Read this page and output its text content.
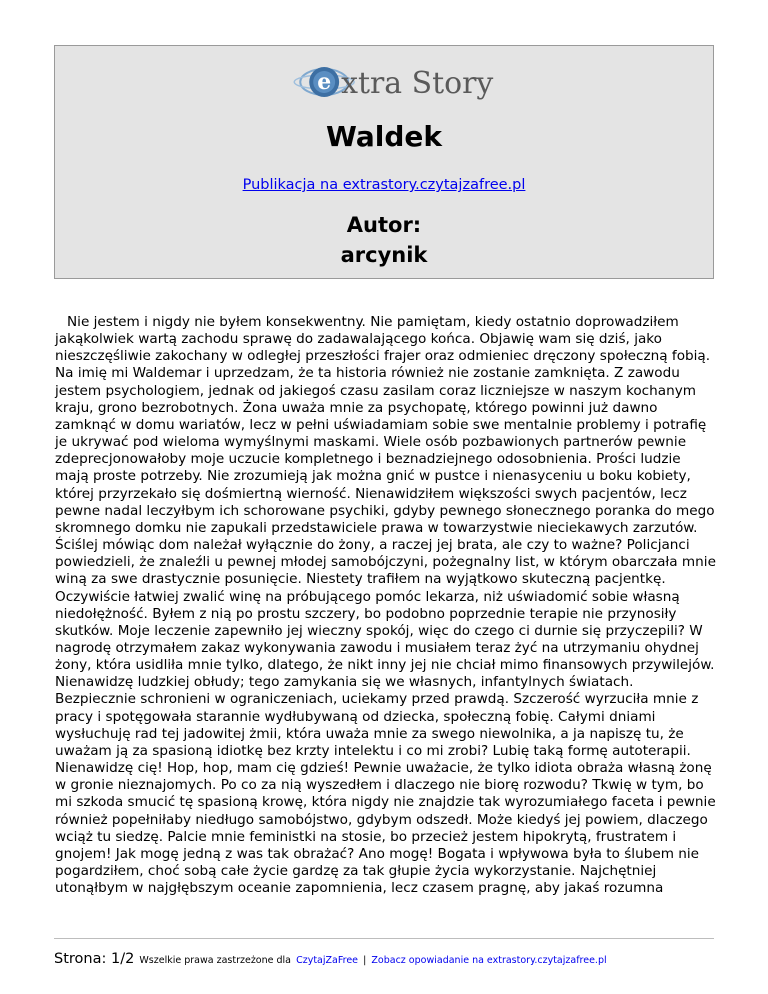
e xtra Story
Waldek
Publikacja na extrastory.czytajzafree.pl
Autor:
arcynik

Nie jestem i nigdy nie byłem konsekwentny. Nie pamiętam, kiedy ostatnio doprowadziłem jakąkolwiek wartą zachodu sprawę do zadawalającego końca. Objawię wam się dziś, jako nieszczęśliwie zakochany w odległej przeszłości frajer oraz odmieniec dręczony społeczną fobią. Na imię mi Waldemar i uprzedzam, że ta historia również nie zostanie zamknięta. Z zawodu jestem psychologiem, jednak od jakiegoś czasu zasilam coraz liczniejsze w naszym kochanym kraju, grono bezrobotnych. Żona uważa mnie za psychopatę, którego powinni już dawno zamknąć w domu wariatów, lecz w pełni uświadamiam sobie swe mentalnie problemy i potrafię je ukrywać pod wieloma wymyślnymi maskami. Wiele osób pozbawionych partnerów pewnie zdeprecjonowałoby moje uczucie kompletnego i beznadziejnego odosobnienia. Prości ludzie mają proste potrzeby. Nie zrozumieją jak można gnić w pustce i nienasyceniu u boku kobiety, której przyrzekało się dośmiertną wierność. Nienawidziłem większości swych pacjentów, lecz pewne nadal leczyłbym ich schorowane psychiki, gdyby pewnego słonecznego poranka do mego skromnego domku nie zapukali przedstawiciele prawa w towarzystwie nieciekawych zarzutów. Ściślej mówiąc dom należał wyłącznie do żony, a raczej jej brata, ale czy to ważne? Policjanci powiedzieli, że znaleźli u pewnej młodej samobójczyni, pożegnalny list, w którym obarczała mnie winą za swe drastycznie posunięcie. Niestety trafiłem na wyjątkowo skuteczną pacjentkę. Oczywiście łatwiej zwalić winę na próbującego pomóc lekarza, niż uświadomić sobie własną niedołężność. Byłem z nią po prostu szczery, bo podobno poprzednie terapie nie przynosiły skutków. Moje leczenie zapewniło jej wieczny spokój, więc do czego ci durnie się przyczepili? W nagrodę otrzymałem zakaz wykonywania zawodu i musiałem teraz żyć na utrzymaniu ohydnej żony, która usidliła mnie tylko, dlatego, że nikt inny jej nie chciał mimo finansowych przywilejów. Nienawidzę ludzkiej obłudy; tego zamykania się we własnych, infantylnych światach. Bezpiecznie schronieni w ograniczeniach, uciekamy przed prawdą. Szczerość wyrzuciła mnie z pracy i spotęgowała starannie wydłubywaną od dziecka, społeczną fobię. Całymi dniami wysłuchuję rad tej jadowitej żmii, która uważa mnie za swego niewolnika, a ja napiszę tu, że uważam ją za spasioną idiotkę bez krzty intelektu i co mi zrobi? Lubię taką formę autoterapii. Nienawidzę cię! Hop, hop, mam cię gdzieś! Pewnie uważacie, że tylko idiota obraża własną żonę w gronie nieznajomych. Po co za nią wyszedłem i dlaczego nie biorę rozwodu? Tkwię w tym, bo mi szkoda smucić tę spasioną krowę, która nigdy nie znajdzie tak wyrozumiałego faceta i pewnie również popełniłaby niedługo samobójstwo, gdybym odszedł. Może kiedyś jej powiem, dlaczego wciąż tu siedzę. Palcie mnie feministki na stosie, bo przecież jestem hipokrytą, frustratem i gnojem! Jak mogę jedną z was tak obrażać? Ano mogę! Bogata i wpływowa była to ślubem nie pogardziłem, choć sobą całe życie gardzę za tak głupie życia wykorzystanie. Najchętniej utonąłbym w najgłębszym oceanie zapomnienia, lecz czasem pragnę, aby jakaś rozumna

Strona: 1/2 Wszelkie prawa zastrzeżone dla CzytajZaFree | Zobacz opowiadanie na extrastory.czytajzafree.pl
